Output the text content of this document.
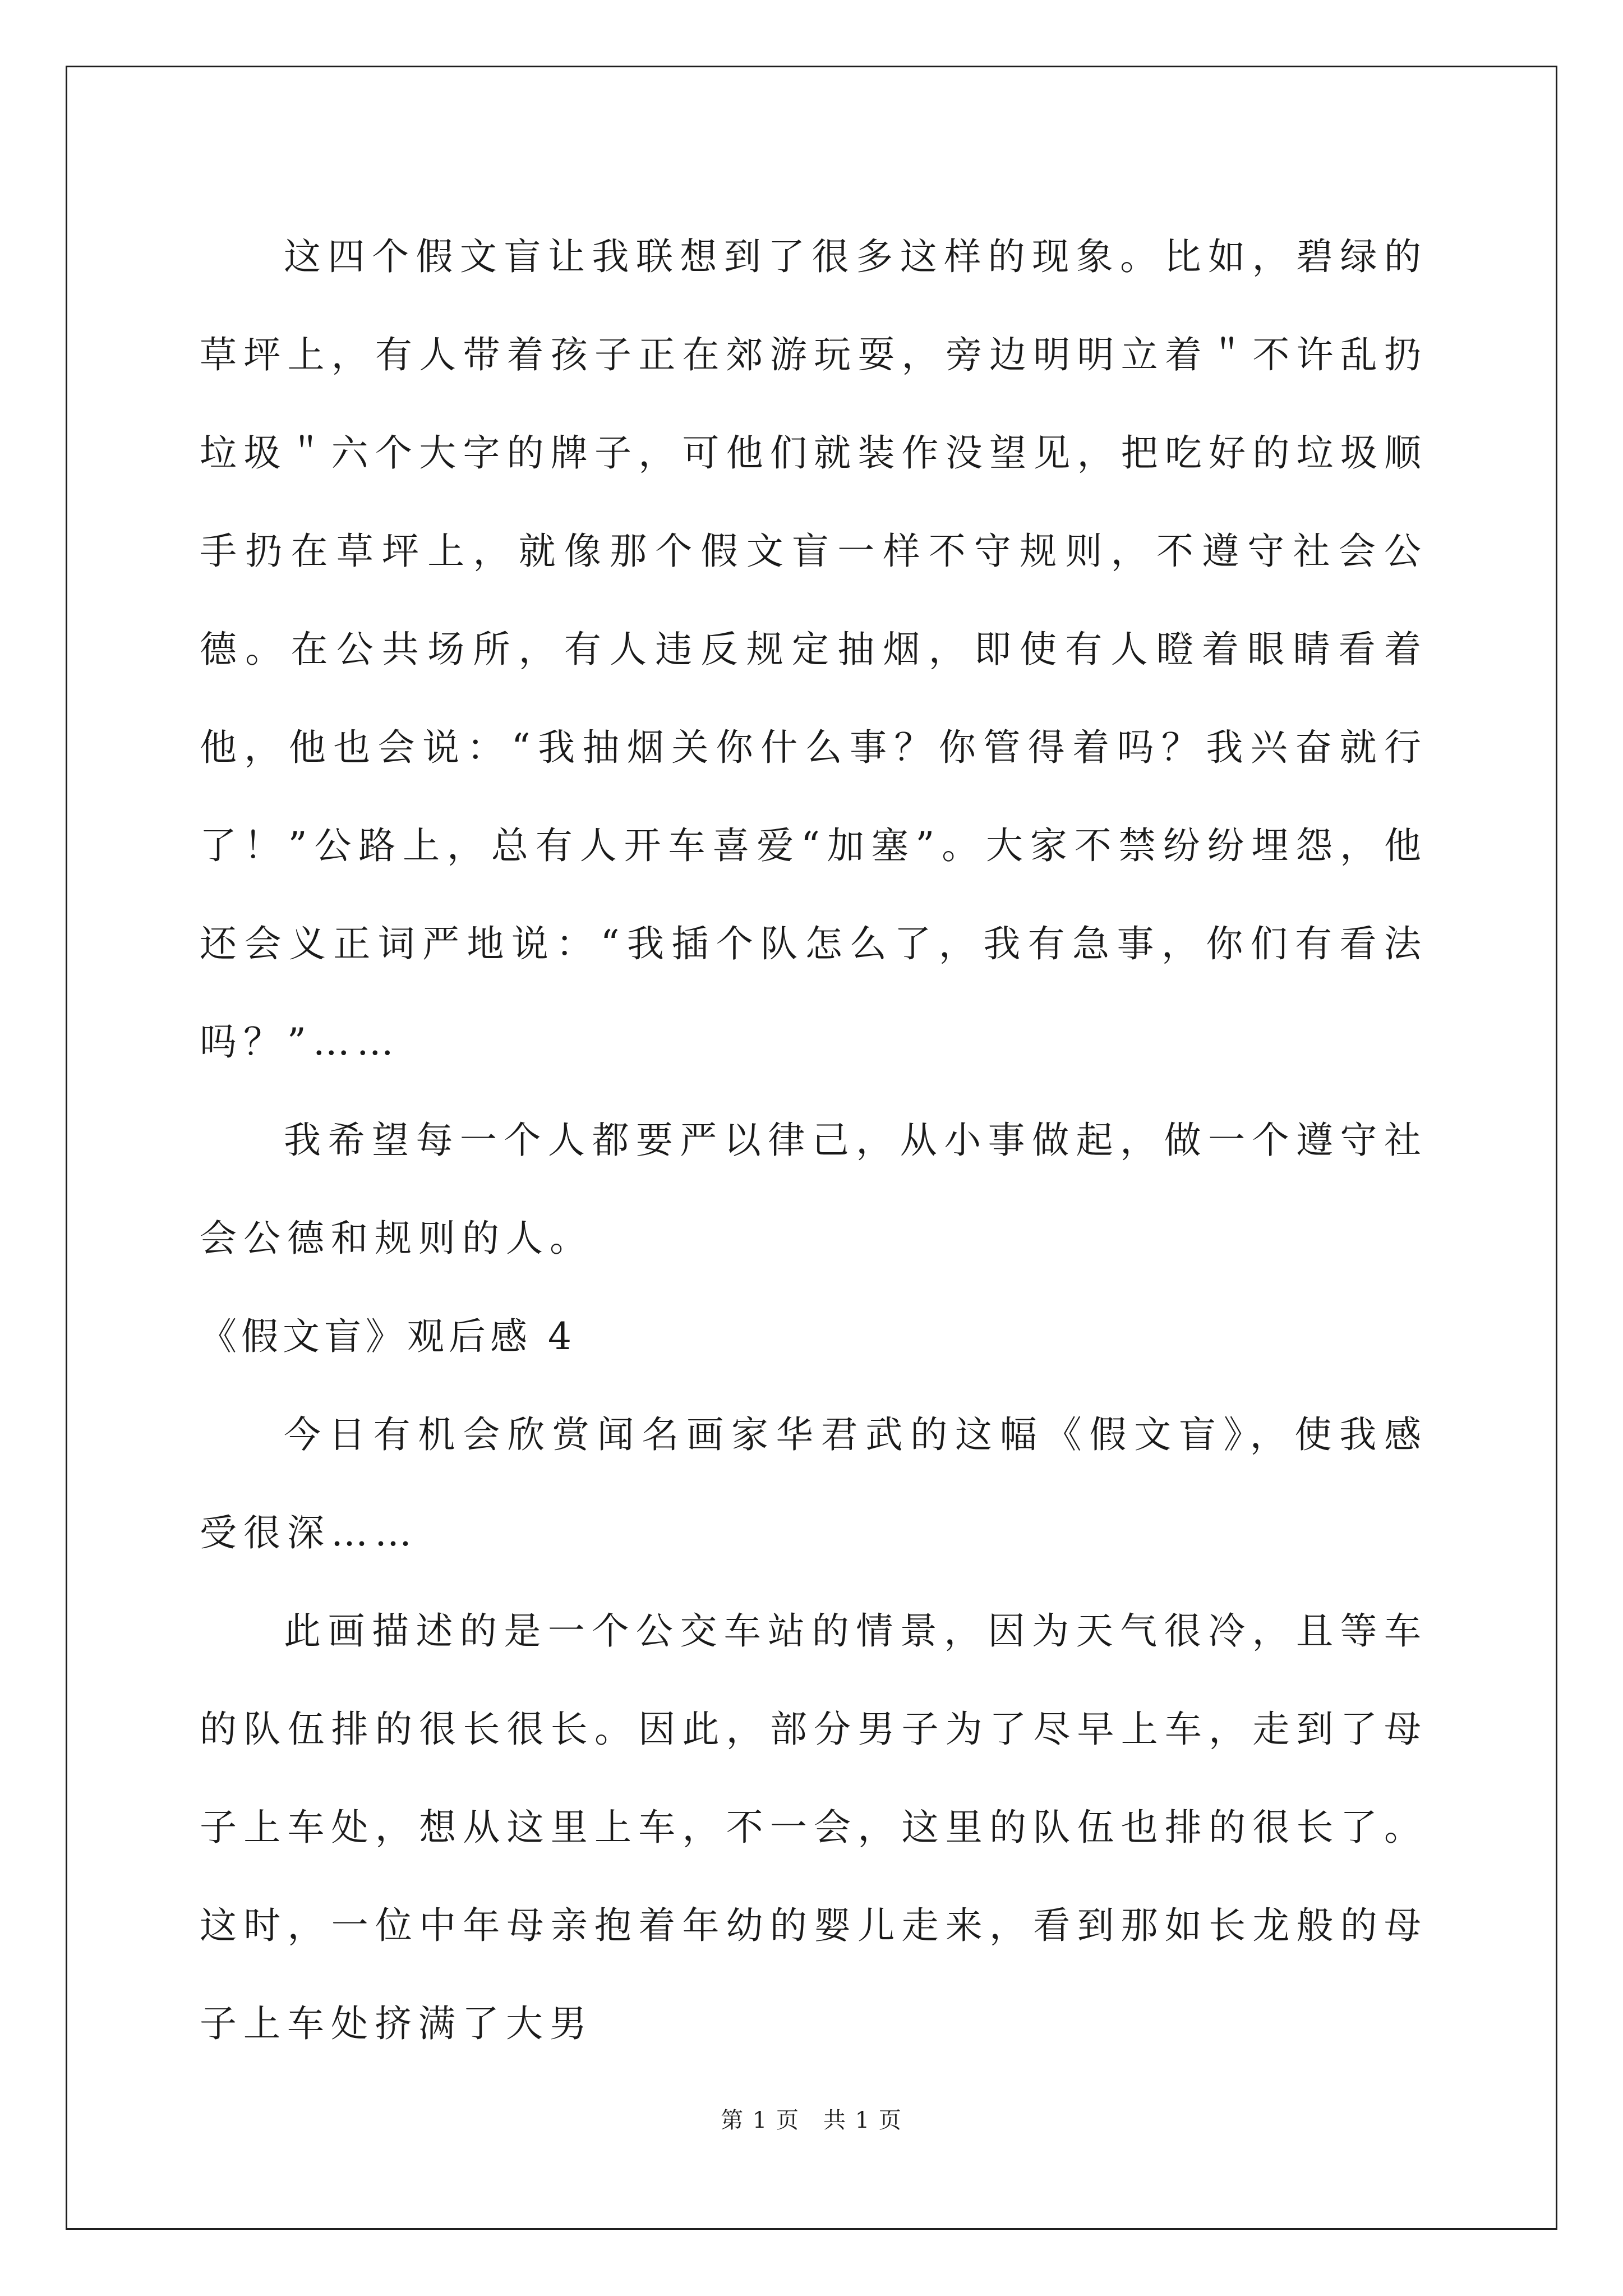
这四个假文盲让我联想到了很多这样的现象。比如，碧绿的草坪上，有人带着孩子正在郊游玩耍，旁边明明立着＂不许乱扔垃圾＂六个大字的牌子，可他们就装作没望见，把吃好的垃圾顺手扔在草坪上，就像那个假文盲一样不守规则，不遵守社会公德。在公共场所，有人违反规定抽烟，即使有人瞪着眼睛看着他，他也会说：“我抽烟关你什么事？你管得着吗？我兴奋就行了！”公路上，总有人开车喜爱“加塞”。大家不禁纷纷埋怨，他还会义正词严地说：“我插个队怎么了，我有急事，你们有看法吗？”……

我希望每一个人都要严以律己，从小事做起，做一个遵守社会公德和规则的人。

《假文盲》观后感 4

今日有机会欣赏闻名画家华君武的这幅《假文盲》，使我感受很深……

此画描述的是一个公交车站的情景，因为天气很冷，且等车的队伍排的很长很长。因此，部分男子为了尽早上车，走到了母子上车处，想从这里上车，不一会，这里的队伍也排的很长了。这时，一位中年母亲抱着年幼的婴儿走来，看到那如长龙般的母子上车处挤满了大男

第 1 页　共 1 页
